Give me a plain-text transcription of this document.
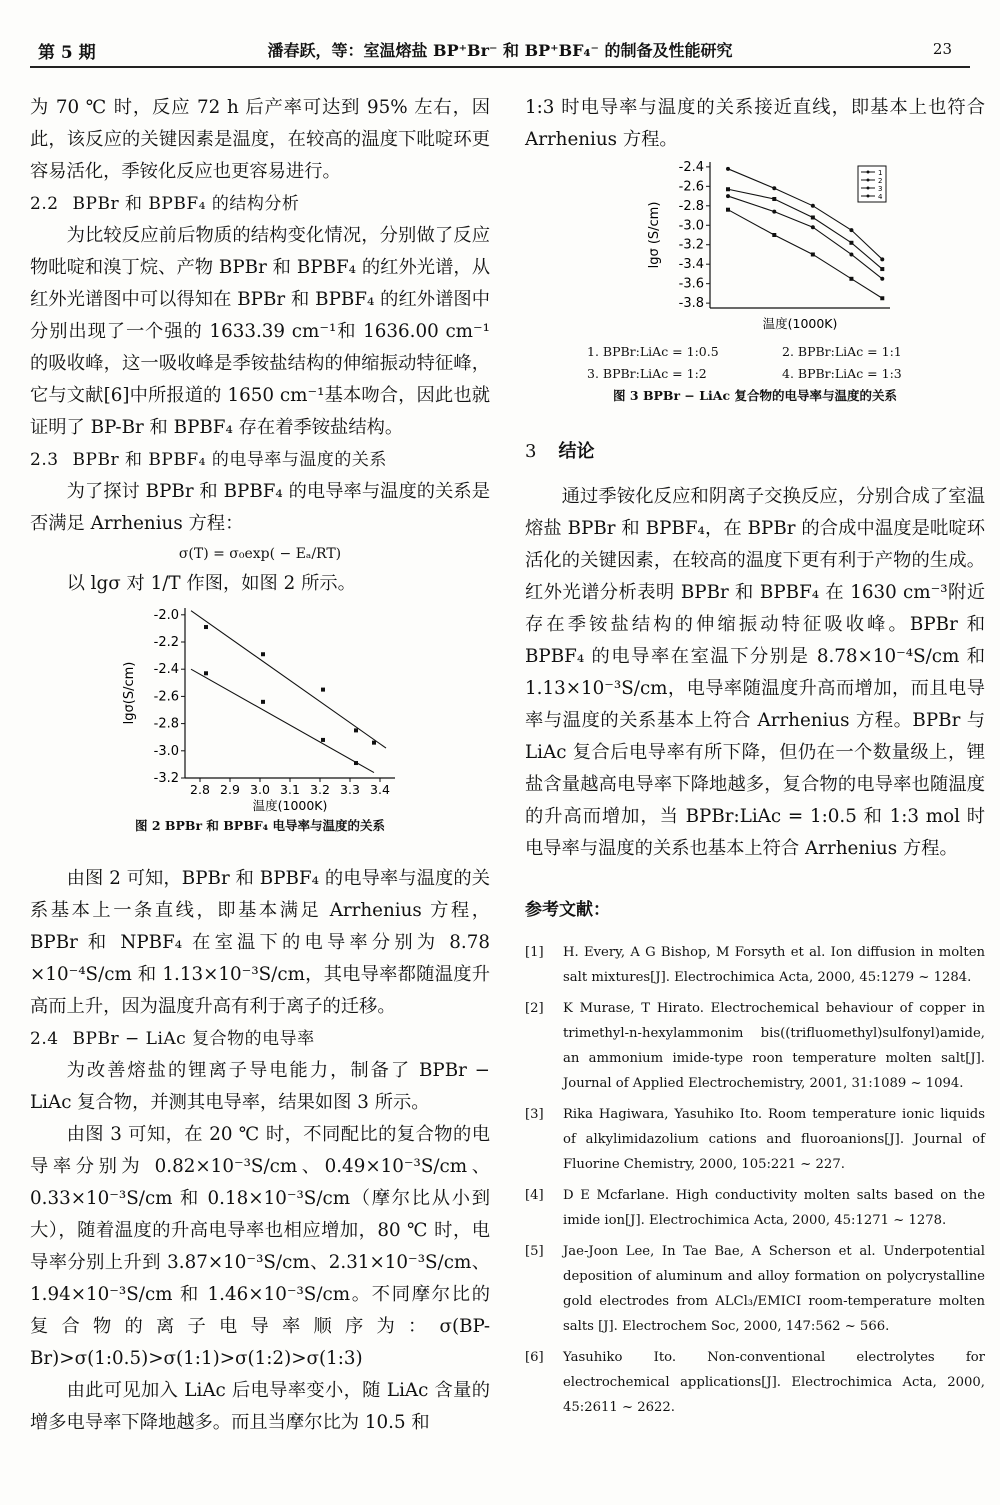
第 5 期	潘春跃，等：室温熔盐 BP⁺Br⁻ 和 BP⁺BF₄⁻ 的制备及性能研究	23

为 70 ℃ 时，反应 72 h 后产率可达到 95% 左右，因此，该反应的关键因素是温度，在较高的温度下吡啶环更容易活化，季铵化反应也更容易进行。

2.2 BPBr 和 BPBF₄ 的结构分析

为比较反应前后物质的结构变化情况，分别做了反应物吡啶和溴丁烷、产物 BPBr 和 BPBF₄ 的红外光谱，从红外光谱图中可以得知在 BPBr 和 BPBF₄ 的红外谱图中分别出现了一个强的 1633.39 cm⁻¹和 1636.00 cm⁻¹的吸收峰，这一吸收峰是季铵盐结构的伸缩振动特征峰，它与文献[6]中所报道的 1650 cm⁻¹基本吻合，因此也就证明了 BP-Br 和 BPBF₄ 存在着季铵盐结构。

2.3 BPBr 和 BPBF₄ 的电导率与温度的关系

为了探讨 BPBr 和 BPBF₄ 的电导率与温度的关系是否满足 Arrhenius 方程：

σ(T) = σ₀exp( − Eₐ/RT)

以 lgσ 对 1/T 作图，如图 2 所示。

-2.0
-2.2
-2.4
-2.6
-2.8
-3.0
-3.2
2.8 2.9 3.0 3.1 3.2 3.3 3.4
温度(1000K)
lgσ(S/cm)
图 2 BPBr 和 BPBF₄ 电导率与温度的关系

由图 2 可知，BPBr 和 BPBF₄ 的电导率与温度的关系基本上一条直线，即基本满足 Arrhenius 方程，BPBr 和 NPBF₄ 在室温下的电导率分别为 8.78 ×10⁻⁴S/cm 和 1.13×10⁻³S/cm，其电导率都随温度升高而上升，因为温度升高有利于离子的迁移。

2.4 BPBr − LiAc 复合物的电导率

为改善熔盐的锂离子导电能力，制备了 BPBr − LiAc 复合物，并测其电导率，结果如图 3 所示。

由图 3 可知，在 20 ℃ 时，不同配比的复合物的电导率分别为 0.82×10⁻³S/cm、0.49×10⁻³S/cm、0.33×10⁻³S/cm 和 0.18×10⁻³S/cm（摩尔比从小到大），随着温度的升高电导率也相应增加，80 ℃ 时，电导率分别上升到 3.87×10⁻³S/cm、2.31×10⁻³S/cm、1.94×10⁻³S/cm 和 1.46×10⁻³S/cm。不同摩尔比的复合物的离子电导率顺序为：σ(BP-Br)>σ(1:0.5)>σ(1:1)>σ(1:2)>σ(1:3)

由此可见加入 LiAc 后电导率变小，随 LiAc 含量的增多电导率下降地越多。而且当摩尔比为 10.5 和

1:3 时电导率与温度的关系接近直线，即基本上也符合 Arrhenius 方程。

-2.4
-2.6
-2.8
-3.0
-3.2
-3.4
-3.6
-3.8
温度(1000K)
lgσ (S/cm)
1
2
3
4
1. BPBr:LiAc = 1:0.5	2. BPBr:LiAc = 1:1
3. BPBr:LiAc = 1:2	4. BPBr:LiAc = 1:3
图 3 BPBr − LiAc 复合物的电导率与温度的关系
3 结论

通过季铵化反应和阴离子交换反应，分别合成了室温熔盐 BPBr 和 BPBF₄，在 BPBr 的合成中温度是吡啶环活化的关键因素，在较高的温度下更有利于产物的生成。红外光谱分析表明 BPBr 和 BPBF₄ 在 1630 cm⁻³附近存在季铵盐结构的伸缩振动特征吸收峰。BPBr 和 BPBF₄ 的电导率在室温下分别是 8.78×10⁻⁴S/cm 和 1.13×10⁻³S/cm，电导率随温度升高而增加，而且电导率与温度的关系基本上符合 Arrhenius 方程。BPBr 与 LiAc 复合后电导率有所下降，但仍在一个数量级上，锂盐含量越高电导率下降地越多，复合物的电导率也随温度的升高而增加，当 BPBr:LiAc = 1:0.5 和 1:3 mol 时电导率与温度的关系也基本上符合 Arrhenius 方程。

参考文献：
[1] H. Every, A G Bishop, M Forsyth et al. Ion diffusion in molten salt mixtures[J]. Electrochimica Acta, 2000, 45:1279 ~ 1284.
[2] K Murase, T Hirato. Electrochemical behaviour of copper in trimethyl-n-hexylammonim bis((trifluomethyl)sulfonyl)amide, an ammonium imide-type roon temperature molten salt[J]. Journal of Applied Electrochemistry, 2001, 31:1089 ~ 1094.
[3] Rika Hagiwara, Yasuhiko Ito. Room temperature ionic liquids of alkylimidazolium cations and fluoroanions[J]. Journal of Fluorine Chemistry, 2000, 105:221 ~ 227.
[4] D E Mcfarlane. High conductivity molten salts based on the imide ion[J]. Electrochimica Acta, 2000, 45:1271 ~ 1278.
[5] Jae-Joon Lee, In Tae Bae, A Scherson et al. Underpotential deposition of aluminum and alloy formation on polycrystalline gold electrodes from ALCl₃/EMICI room-temperature molten salts [J]. Electrochem Soc, 2000, 147:562 ~ 566.
[6] Yasuhiko Ito. Non-conventional electrolytes for electrochemical applications[J]. Electrochimica Acta, 2000, 45:2611 ~ 2622.
